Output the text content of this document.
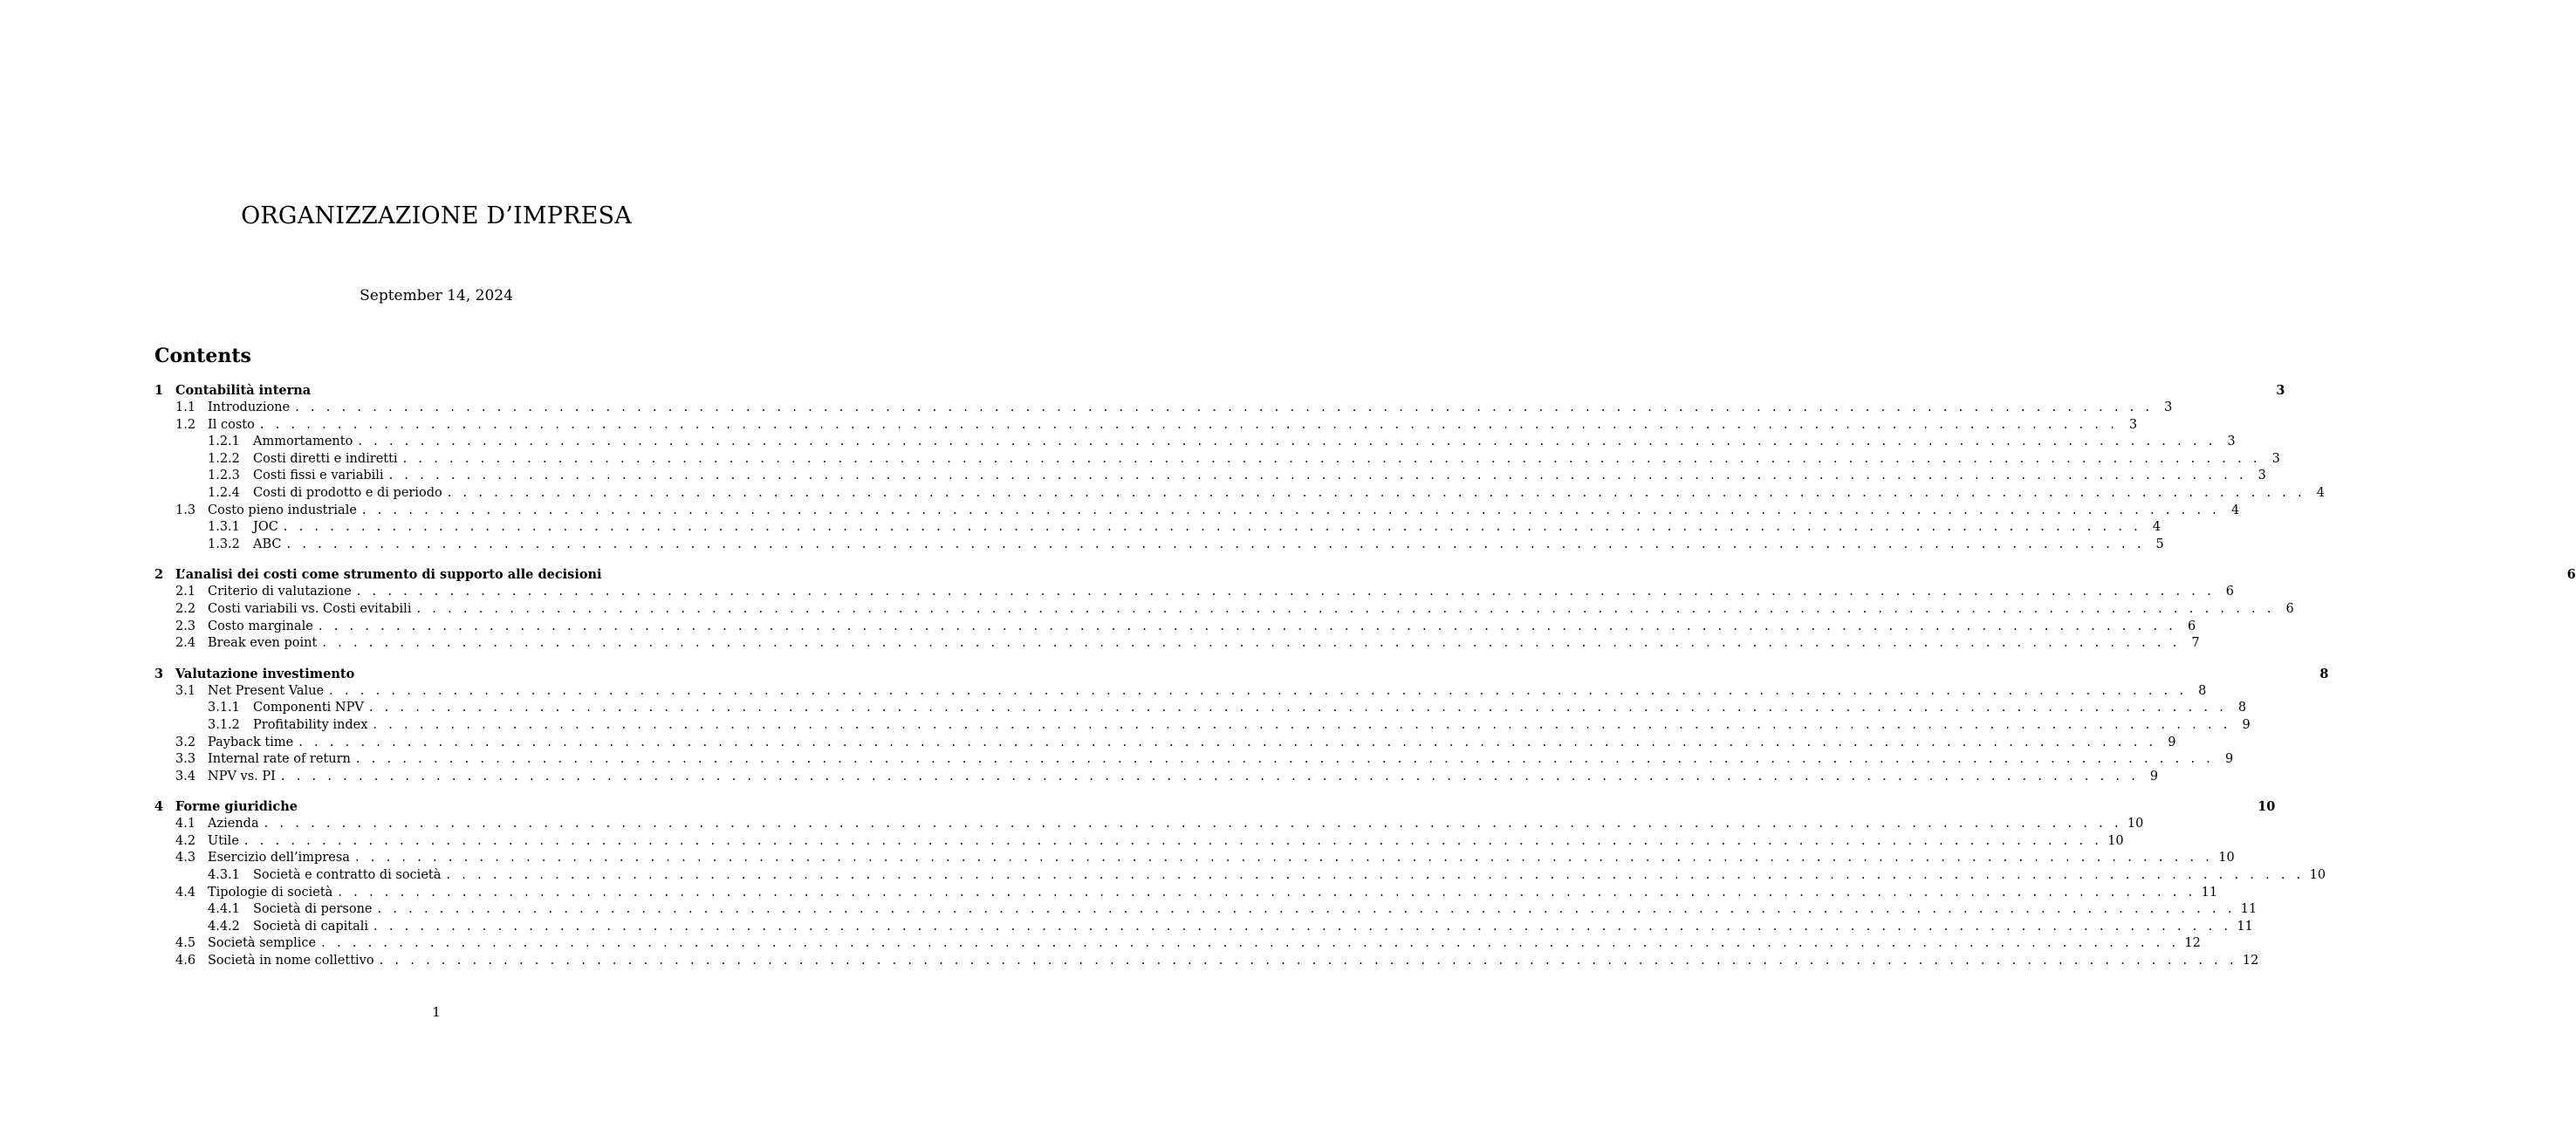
ORGANIZZAZIONE D’IMPRESA
September 14, 2024
Contents
1 Contabilità interna	3
1.1 Introduzione . . . . . . . . . . . . . . . . . . . . . . . . . . . . . . . . . . . . . . . . . . . . . . . . . . . . . . . . . . . . . . . . . . . . . . . . . . . . . . . . . . . . . . . . . . . . . . . . . . . . . . . . . . . . . . . . . . . . . . . . 3
1.2 Il costo . . . . . . . . . . . . . . . . . . . . . . . . . . . . . . . . . . . . . . . . . . . . . . . . . . . . . . . . . . . . . . . . . . . . . . . . . . . . . . . . . . . . . . . . . . . . . . . . . . . . . . . . . . . . . . . . . . . . . . . . 3
1.2.1	Ammortamento . . . . . . . . . . . . . . . . . . . . . . . . . . . . . . . . . . . . . . . . . . . . . . . . . . . . . . . . . . . . . . . . . . . . . . . . . . . . . . . . . . . . . . . . . . . . . . . . . . . . . . . . . . . . . . . . . . . . . . . . 3
1.2.2	Costi diretti e indiretti . . . . . . . . . . . . . . . . . . . . . . . . . . . . . . . . . . . . . . . . . . . . . . . . . . . . . . . . . . . . . . . . . . . . . . . . . . . . . . . . . . . . . . . . . . . . . . . . . . . . . . . . . . . . . . . . . . . . . . . . 3
1.2.3	Costi fissi e variabili . . . . . . . . . . . . . . . . . . . . . . . . . . . . . . . . . . . . . . . . . . . . . . . . . . . . . . . . . . . . . . . . . . . . . . . . . . . . . . . . . . . . . . . . . . . . . . . . . . . . . . . . . . . . . . . . . . . . . . . . 3
1.2.4	Costi di prodotto e di periodo . . . . . . . . . . . . . . . . . . . . . . . . . . . . . . . . . . . . . . . . . . . . . . . . . . . . . . . . . . . . . . . . . . . . . . . . . . . . . . . . . . . . . . . . . . . . . . . . . . . . . . . . . . . . . . . . . . . . . . . . 4
1.3 Costo pieno industriale . . . . . . . . . . . . . . . . . . . . . . . . . . . . . . . . . . . . . . . . . . . . . . . . . . . . . . . . . . . . . . . . . . . . . . . . . . . . . . . . . . . . . . . . . . . . . . . . . . . . . . . . . . . . . . . . . . . . . . . . 4
1.3.1	JOC . . . . . . . . . . . . . . . . . . . . . . . . . . . . . . . . . . . . . . . . . . . . . . . . . . . . . . . . . . . . . . . . . . . . . . . . . . . . . . . . . . . . . . . . . . . . . . . . . . . . . . . . . . . . . . . . . . . . . . . . 4
1.3.2	ABC . . . . . . . . . . . . . . . . . . . . . . . . . . . . . . . . . . . . . . . . . . . . . . . . . . . . . . . . . . . . . . . . . . . . . . . . . . . . . . . . . . . . . . . . . . . . . . . . . . . . . . . . . . . . . . . . . . . . . . . . 5
2 L’analisi dei costi come strumento di supporto alle decisioni	6
2.1 Criterio di valutazione . . . . . . . . . . . . . . . . . . . . . . . . . . . . . . . . . . . . . . . . . . . . . . . . . . . . . . . . . . . . . . . . . . . . . . . . . . . . . . . . . . . . . . . . . . . . . . . . . . . . . . . . . . . . . . . . . . . . . . . . 6
2.2 Costi variabili vs. Costi evitabili . . . . . . . . . . . . . . . . . . . . . . . . . . . . . . . . . . . . . . . . . . . . . . . . . . . . . . . . . . . . . . . . . . . . . . . . . . . . . . . . . . . . . . . . . . . . . . . . . . . . . . . . . . . . . . . . . . . . . . . . 6
2.3 Costo marginale . . . . . . . . . . . . . . . . . . . . . . . . . . . . . . . . . . . . . . . . . . . . . . . . . . . . . . . . . . . . . . . . . . . . . . . . . . . . . . . . . . . . . . . . . . . . . . . . . . . . . . . . . . . . . . . . . . . . . . . . 6
2.4 Break even point . . . . . . . . . . . . . . . . . . . . . . . . . . . . . . . . . . . . . . . . . . . . . . . . . . . . . . . . . . . . . . . . . . . . . . . . . . . . . . . . . . . . . . . . . . . . . . . . . . . . . . . . . . . . . . . . . . . . . . . . 7
3 Valutazione investimento	8
3.1 Net Present Value . . . . . . . . . . . . . . . . . . . . . . . . . . . . . . . . . . . . . . . . . . . . . . . . . . . . . . . . . . . . . . . . . . . . . . . . . . . . . . . . . . . . . . . . . . . . . . . . . . . . . . . . . . . . . . . . . . . . . . . . 8
3.1.1	Componenti NPV . . . . . . . . . . . . . . . . . . . . . . . . . . . . . . . . . . . . . . . . . . . . . . . . . . . . . . . . . . . . . . . . . . . . . . . . . . . . . . . . . . . . . . . . . . . . . . . . . . . . . . . . . . . . . . . . . . . . . . . . 8
3.1.2	Profitability index . . . . . . . . . . . . . . . . . . . . . . . . . . . . . . . . . . . . . . . . . . . . . . . . . . . . . . . . . . . . . . . . . . . . . . . . . . . . . . . . . . . . . . . . . . . . . . . . . . . . . . . . . . . . . . . . . . . . . . . . 9
3.2 Payback time . . . . . . . . . . . . . . . . . . . . . . . . . . . . . . . . . . . . . . . . . . . . . . . . . . . . . . . . . . . . . . . . . . . . . . . . . . . . . . . . . . . . . . . . . . . . . . . . . . . . . . . . . . . . . . . . . . . . . . . . 9
3.3 Internal rate of return . . . . . . . . . . . . . . . . . . . . . . . . . . . . . . . . . . . . . . . . . . . . . . . . . . . . . . . . . . . . . . . . . . . . . . . . . . . . . . . . . . . . . . . . . . . . . . . . . . . . . . . . . . . . . . . . . . . . . . . . 9
3.4 NPV vs. PI . . . . . . . . . . . . . . . . . . . . . . . . . . . . . . . . . . . . . . . . . . . . . . . . . . . . . . . . . . . . . . . . . . . . . . . . . . . . . . . . . . . . . . . . . . . . . . . . . . . . . . . . . . . . . . . . . . . . . . . . 9
4 Forme giuridiche	10
4.1 Azienda . . . . . . . . . . . . . . . . . . . . . . . . . . . . . . . . . . . . . . . . . . . . . . . . . . . . . . . . . . . . . . . . . . . . . . . . . . . . . . . . . . . . . . . . . . . . . . . . . . . . . . . . . . . . . . . . . . . . . . . . 10
4.2 Utile . . . . . . . . . . . . . . . . . . . . . . . . . . . . . . . . . . . . . . . . . . . . . . . . . . . . . . . . . . . . . . . . . . . . . . . . . . . . . . . . . . . . . . . . . . . . . . . . . . . . . . . . . . . . . . . . . . . . . . . . 10
4.3 Esercizio dell’impresa . . . . . . . . . . . . . . . . . . . . . . . . . . . . . . . . . . . . . . . . . . . . . . . . . . . . . . . . . . . . . . . . . . . . . . . . . . . . . . . . . . . . . . . . . . . . . . . . . . . . . . . . . . . . . . . . . . . . . . . . 10
4.3.1	Società e contratto di società . . . . . . . . . . . . . . . . . . . . . . . . . . . . . . . . . . . . . . . . . . . . . . . . . . . . . . . . . . . . . . . . . . . . . . . . . . . . . . . . . . . . . . . . . . . . . . . . . . . . . . . . . . . . . . . . . . . . . . . . 10
4.4 Tipologie di società . . . . . . . . . . . . . . . . . . . . . . . . . . . . . . . . . . . . . . . . . . . . . . . . . . . . . . . . . . . . . . . . . . . . . . . . . . . . . . . . . . . . . . . . . . . . . . . . . . . . . . . . . . . . . . . . . . . . . . . . 11
4.4.1	Società di persone . . . . . . . . . . . . . . . . . . . . . . . . . . . . . . . . . . . . . . . . . . . . . . . . . . . . . . . . . . . . . . . . . . . . . . . . . . . . . . . . . . . . . . . . . . . . . . . . . . . . . . . . . . . . . . . . . . . . . . . . 11
4.4.2	Società di capitali . . . . . . . . . . . . . . . . . . . . . . . . . . . . . . . . . . . . . . . . . . . . . . . . . . . . . . . . . . . . . . . . . . . . . . . . . . . . . . . . . . . . . . . . . . . . . . . . . . . . . . . . . . . . . . . . . . . . . . . . 11
4.5 Società semplice . . . . . . . . . . . . . . . . . . . . . . . . . . . . . . . . . . . . . . . . . . . . . . . . . . . . . . . . . . . . . . . . . . . . . . . . . . . . . . . . . . . . . . . . . . . . . . . . . . . . . . . . . . . . . . . . . . . . . . . . 12
4.6 Società in nome collettivo . . . . . . . . . . . . . . . . . . . . . . . . . . . . . . . . . . . . . . . . . . . . . . . . . . . . . . . . . . . . . . . . . . . . . . . . . . . . . . . . . . . . . . . . . . . . . . . . . . . . . . . . . . . . . . . . . . . . . . . . 12
1
